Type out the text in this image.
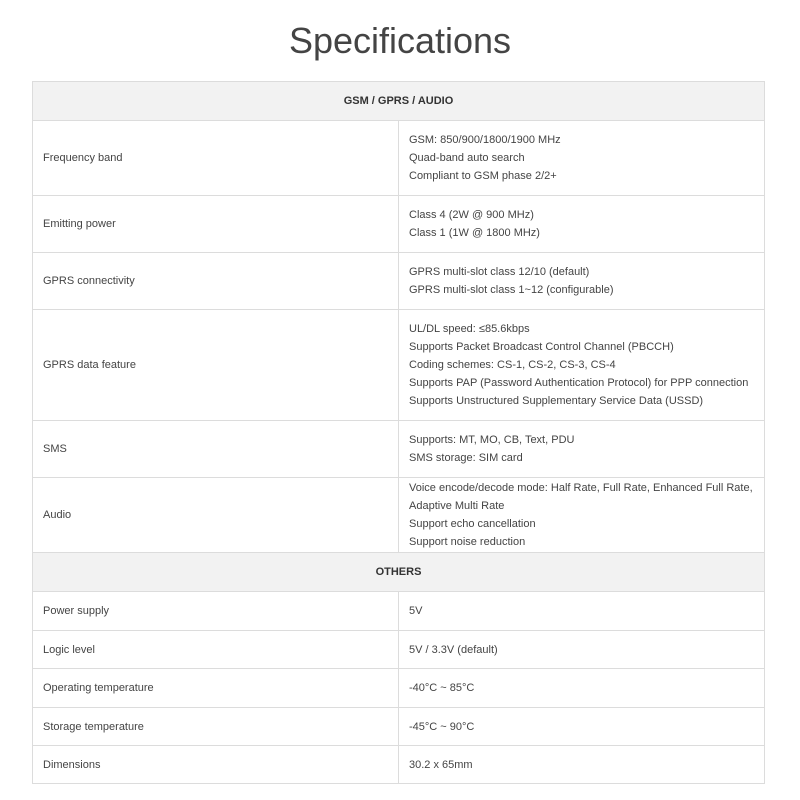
Specifications
GSM / GPRS / AUDIO	
Frequency band	GSM: 850/900/1800/1900 MHz
Quad-band auto search
Compliant to GSM phase 2/2+

Emitting power	Class 4 (2W @ 900 MHz)
Class 1 (1W @ 1800 MHz)

GPRS connectivity	GPRS multi-slot class 12/10 (default)
GPRS multi-slot class 1~12 (configurable)

GPRS data feature	UL/DL speed: ≤85.6kbps
Supports Packet Broadcast Control Channel (PBCCH)
Coding schemes: CS-1, CS-2, CS-3, CS-4
Supports PAP (Password Authentication Protocol) for PPP connection
Supports Unstructured Supplementary Service Data (USSD)

SMS	Supports: MT, MO, CB, Text, PDU
SMS storage: SIM card

Audio	Voice encode/decode mode: Half Rate, Full Rate, Enhanced Full Rate, Adaptive Multi Rate
Support echo cancellation
Support noise reduction

OTHERS	
Power supply	5V

Logic level	5V / 3.3V (default)

Operating temperature	-40°C ~ 85°C

Storage temperature	-45°C ~ 90°C

Dimensions	30.2 x 65mm
